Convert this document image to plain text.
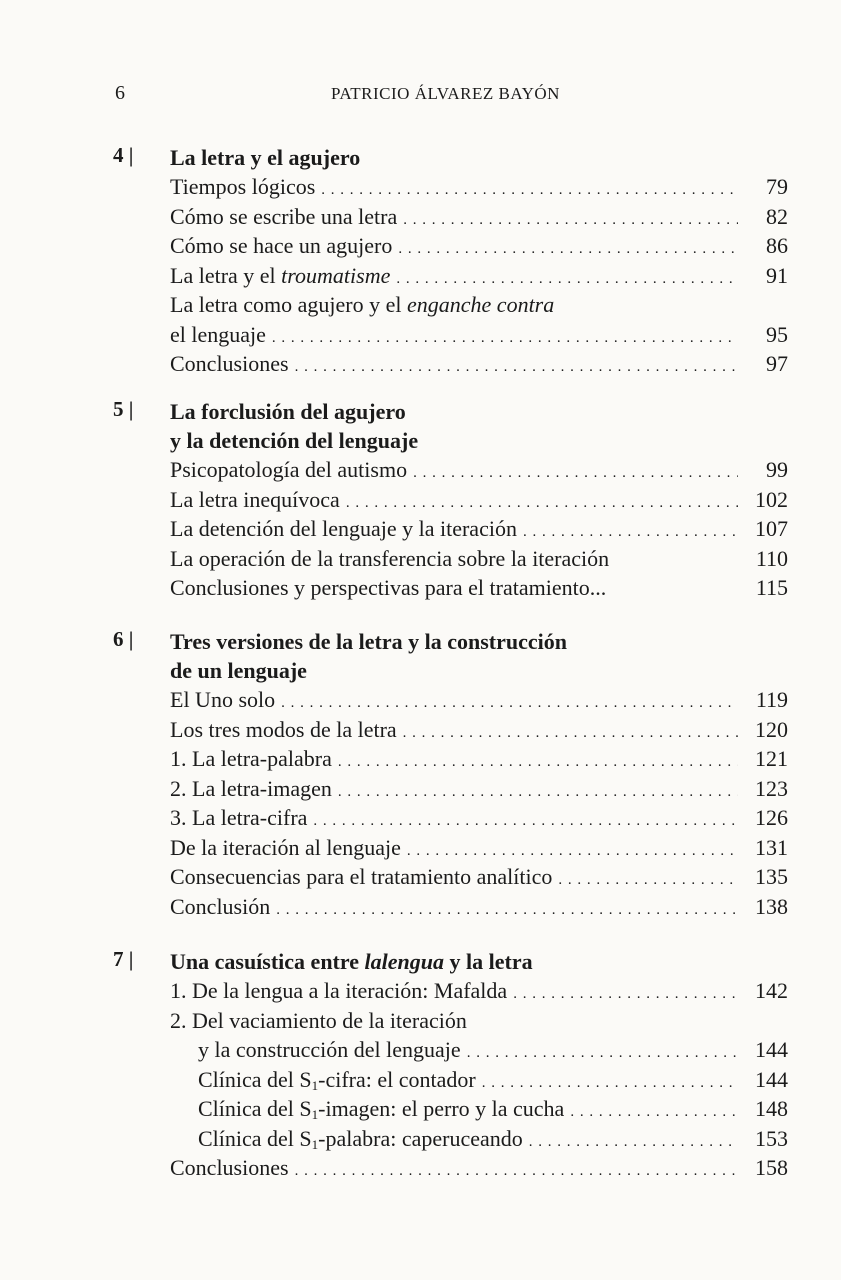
6	PATRICIO ÁLVAREZ BAYÓN
4 | La letra y el agujero
Tiempos lógicos . . .	79
Cómo se escribe una letra . . .	82
Cómo se hace un agujero . . .	86
La letra y el troumatisme . . .	91
La letra como agujero y el enganche contra
el lenguaje . . .	95
Conclusiones . . .	97
5 | La forclusión del agujero
y la detención del lenguaje
Psicopatología del autismo . . .	99
La letra inequívoca . . .	102
La detención del lenguaje y la iteración . . .	107
La operación de la transferencia sobre la iteración	110
Conclusiones y perspectivas para el tratamiento...	115
6 | Tres versiones de la letra y la construcción
de un lenguaje
El Uno solo . . .	119
Los tres modos de la letra . . .	120
1. La letra-palabra . . .	121
2. La letra-imagen . . .	123
3. La letra-cifra . . .	126
De la iteración al lenguaje . . .	131
Consecuencias para el tratamiento analítico . . .	135
Conclusión . . .	138
7 | Una casuística entre lalengua y la letra
1. De la lengua a la iteración: Mafalda . . .	142
2. Del vaciamiento de la iteración
y la construcción del lenguaje . . .	144
Clínica del $S_1$-cifra: el contador . . .	144
Clínica del $S_1$-imagen: el perro y la cucha . . .	148
Clínica del $S_1$-palabra: caperuceando . . .	153
Conclusiones . . .	158
